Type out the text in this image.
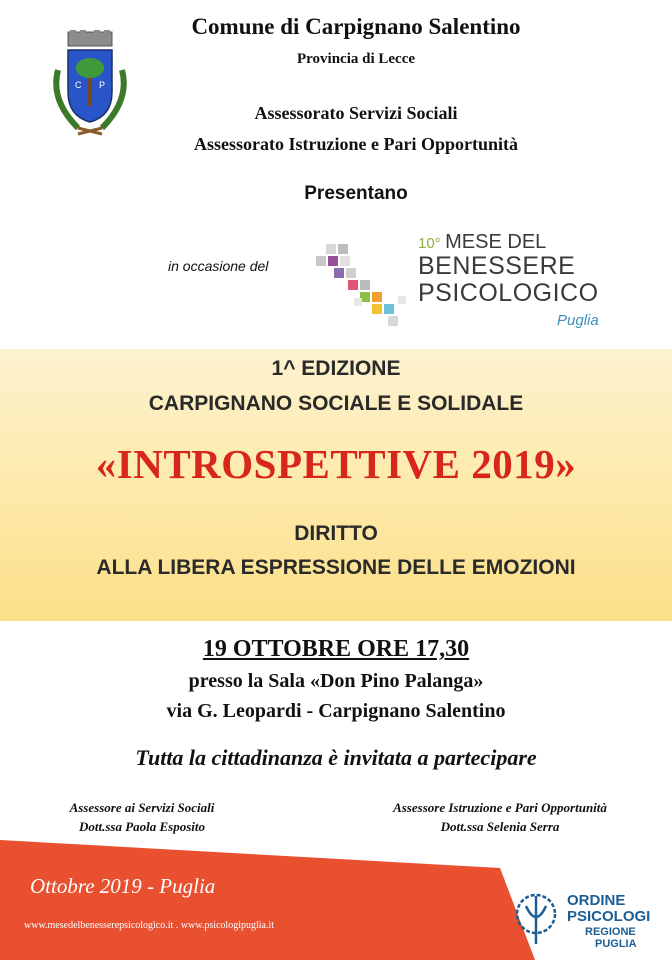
C P
Comune di Carpignano Salentino
Provincia di Lecce
Assessorato Servizi Sociali
Assessorato Istruzione e Pari Opportunità
Presentano
in occasione del
10° MESE DEL
BENESSERE
PSICOLOGICO
Puglia
1^ EDIZIONE
CARPIGNANO SOCIALE E SOLIDALE
«INTROSPETTIVE 2019»
DIRITTO
ALLA LIBERA ESPRESSIONE DELLE EMOZIONI
19 OTTOBRE ORE 17,30
presso la Sala «Don Pino Palanga»
via G. Leopardi - Carpignano Salentino
Tutta la cittadinanza è invitata a partecipare
Assessore ai Servizi Sociali
Dott.ssa Paola Esposito
Assessore Istruzione e Pari Opportunità
Dott.ssa Selenia Serra
Ottobre 2019 - Puglia
www.mesedelbenesserepsicologico.it . www.psicologipuglia.it
ORDINE
PSICOLOGI
REGIONE
PUGLIA
